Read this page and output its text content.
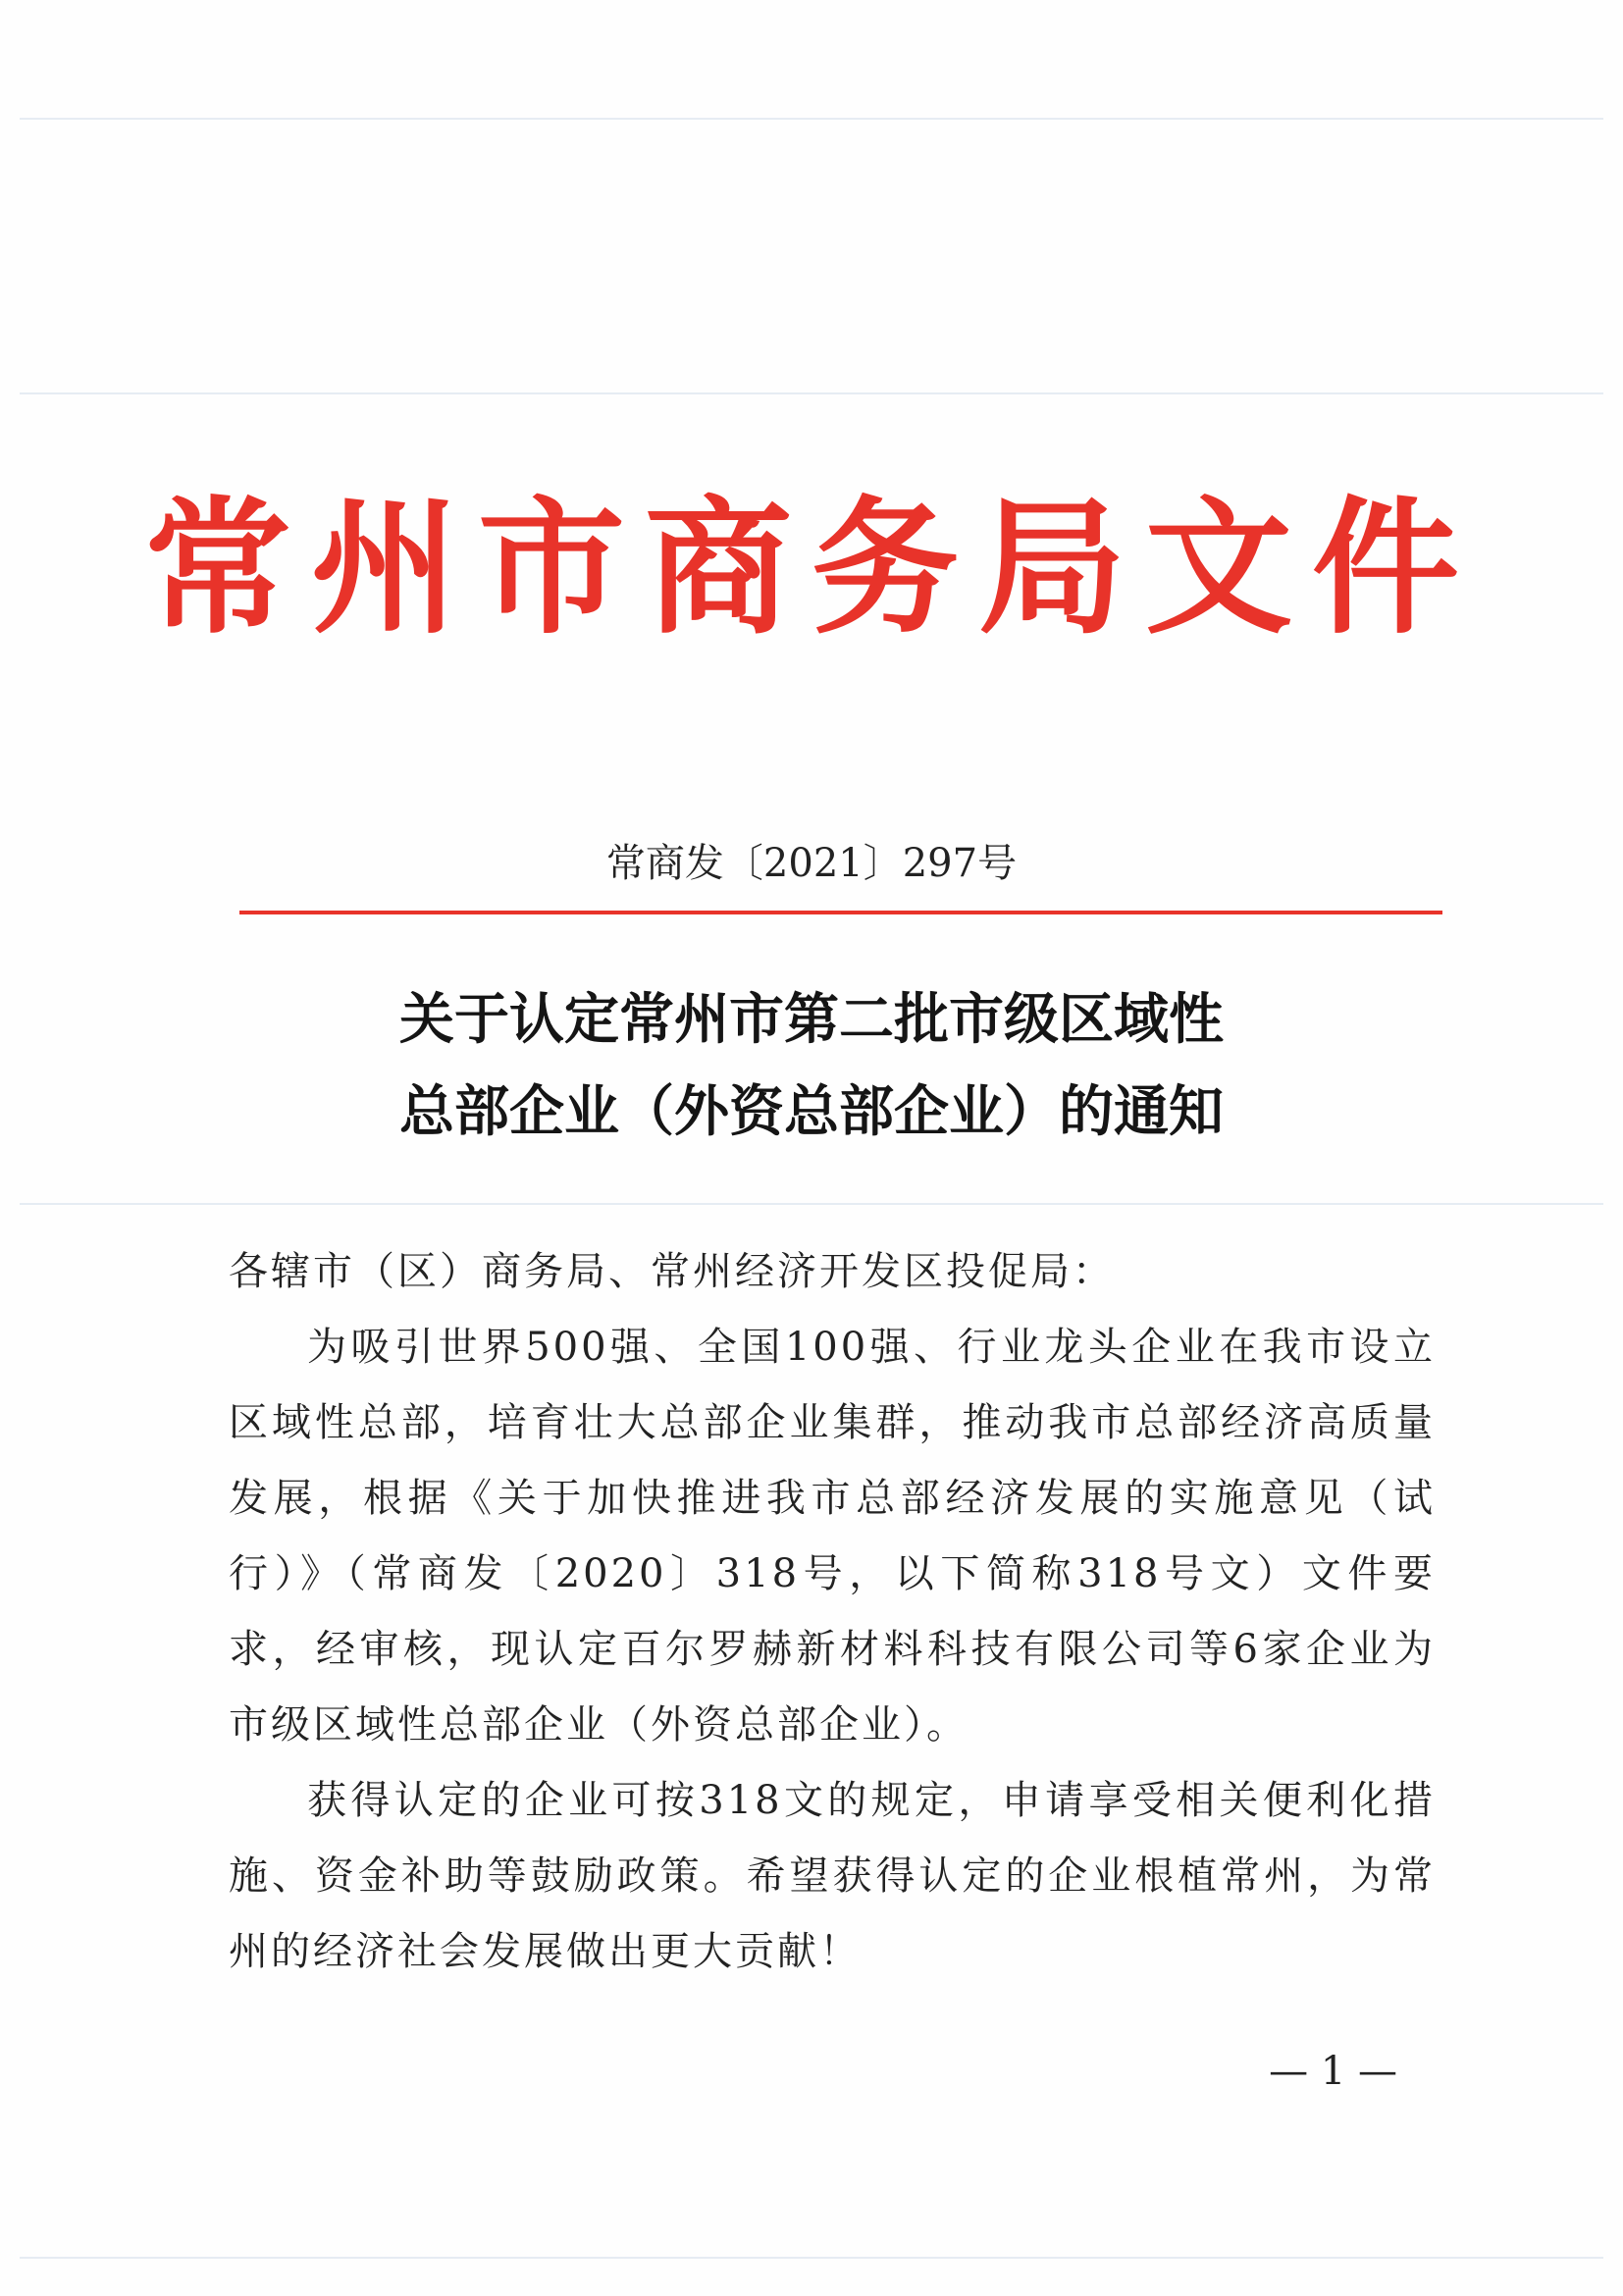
常州市商务局文件
常商发〔2021〕297号
关于认定常州市第二批市级区域性
总部企业（外资总部企业）的通知

各辖市（区）商务局、常州经济开发区投促局：

为吸引世界500强、全国100强、行业龙头企业在我市设立区域性总部，培育壮大总部企业集群，推动我市总部经济高质量发展，根据《关于加快推进我市总部经济发展的实施意见（试行）》（常商发〔2020〕318号，以下简称318号文）文件要求，经审核，现认定百尔罗赫新材料科技有限公司等6家企业为市级区域性总部企业（外资总部企业）。

获得认定的企业可按318文的规定，申请享受相关便利化措施、资金补助等鼓励政策。希望获得认定的企业根植常州，为常州的经济社会发展做出更大贡献！

— 1 —
